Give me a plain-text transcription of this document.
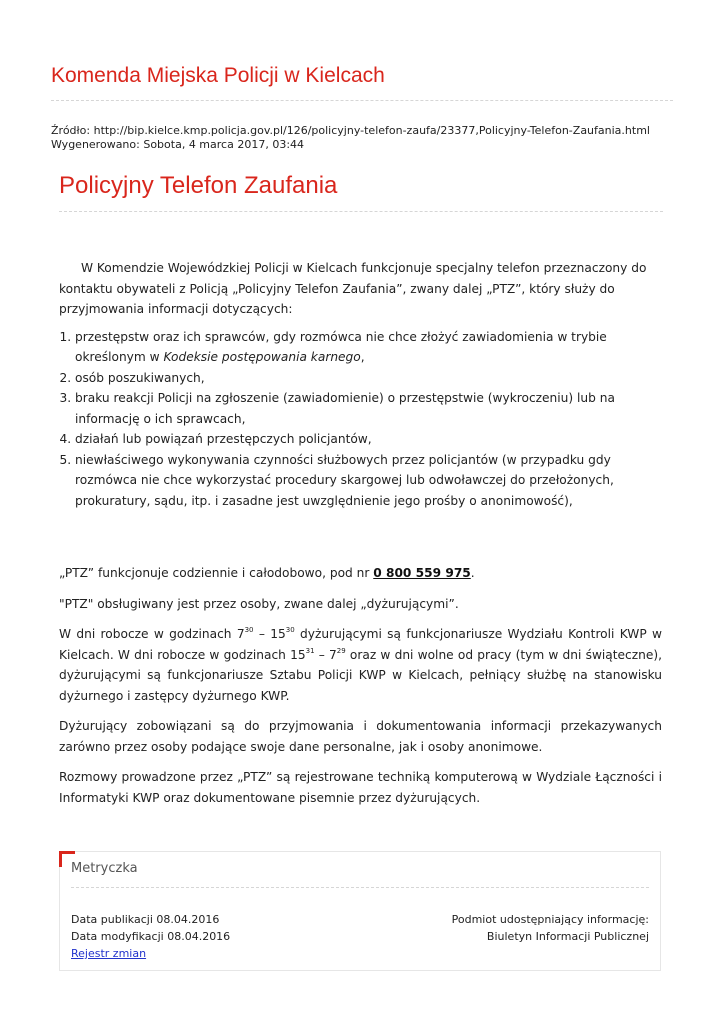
Komenda Miejska Policji w Kielcach
Źródło: http://bip.kielce.kmp.policja.gov.pl/126/policyjny-telefon-zaufa/23377,Policyjny-Telefon-Zaufania.html
Wygenerowano: Sobota, 4 marca 2017, 03:44
Policyjny Telefon Zaufania

W Komendzie Wojewódzkiej Policji w Kielcach funkcjonuje specjalny telefon przeznaczony do kontaktu obywateli z Policją „Policyjny Telefon Zaufania”, zwany dalej „PTZ”, który służy do przyjmowania informacji dotyczących:

1. przestępstw oraz ich sprawców, gdy rozmówca nie chce złożyć zawiadomienia w trybie określonym w Kodeksie postępowania karnego,
2. osób poszukiwanych,
3. braku reakcji Policji na zgłoszenie (zawiadomienie) o przestępstwie (wykroczeniu) lub na informację o ich sprawcach,
4. działań lub powiązań przestępczych policjantów,
5. niewłaściwego wykonywania czynności służbowych przez policjantów (w przypadku gdy rozmówca nie chce wykorzystać procedury skargowej lub odwoławczej do przełożonych, prokuratury, sądu, itp. i zasadne jest uwzględnienie jego prośby o anonimowość),

„PTZ” funkcjonuje codziennie i całodobowo, pod nr 0 800 559 975.

"PTZ" obsługiwany jest przez osoby, zwane dalej „dyżurującymi”.

W dni robocze w godzinach $7^{30} - 15^{30}$ dyżurującymi są funkcjonariusze Wydziału Kontroli KWP w Kielcach. W dni robocze w godzinach $15^{31} - 7^{29}$ oraz w dni wolne od pracy (tym w dni świąteczne), dyżurującymi są funkcjonariusze Sztabu Policji KWP w Kielcach, pełniący służbę na stanowisku dyżurnego i zastępcy dyżurnego KWP.

Dyżurujący zobowiązani są do przyjmowania i dokumentowania informacji przekazywanych zarówno przez osoby podające swoje dane personalne, jak i osoby anonimowe.

Rozmowy prowadzone przez „PTZ” są rejestrowane techniką komputerową w Wydziale Łączności i Informatyki KWP oraz dokumentowane pisemnie przez dyżurujących.

Metryczka
Data publikacji 08.04.2016
Data modyfikacji 08.04.2016
Rejestr zmian
Podmiot udostępniający informację:
Biuletyn Informacji Publicznej
